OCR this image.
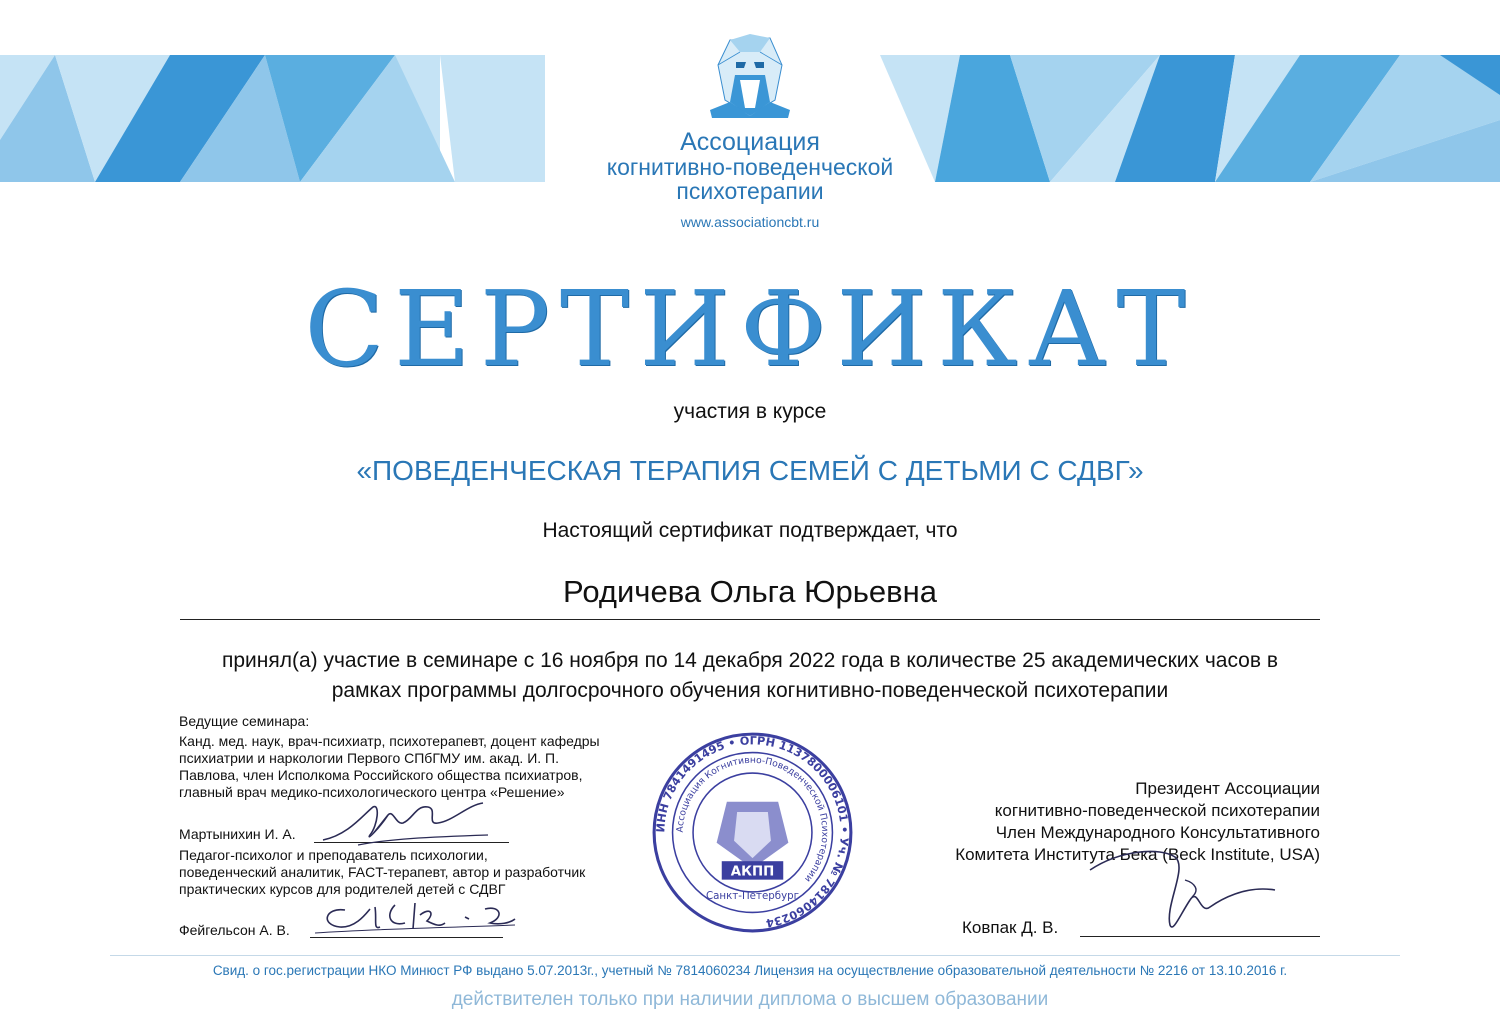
Ассоциация
когнитивно-поведенческой
психотерапии
www.associationcbt.ru
СЕРТИФИКАТ
участия в курсе
«ПОВЕДЕНЧЕСКАЯ ТЕРАПИЯ СЕМЕЙ С ДЕТЬМИ С СДВГ»
Настоящий сертификат подтверждает, что
Родичева Ольга Юрьевна
принял(а) участие в семинаре с 16 ноября по 14 декабря 2022 года в количестве 25 академических часов в
рамках программы долгосрочного обучения когнитивно-поведенческой психотерапии
Ведущие семинара:
Канд. мед. наук, врач-психиатр, психотерапевт, доцент кафедры
психиатрии и наркологии Первого СПбГМУ им. акад. И. П.
Павлова, член Исполкома Российского общества психиатров,
главный врач медико-психологического центра «Решение»
Мартынихин И. А.
Педагог-психолог и преподаватель психологии,
поведенческий аналитик, FACT-терапевт, автор и разработчик
практических курсов для родителей детей с СДВГ
Фейгельсон А. В.
ИНН 7841491495 • ОГРН 1137800006101 • Уч. № 7814060234
Ассоциация Когнитивно-Поведенческой Психотерапии
АКПП
Санкт-Петербург
Президент Ассоциации
когнитивно-поведенческой психотерапии
Член Международного Консультативного
Комитета Института Бека (Beck Institute, USA)
Ковпак Д. В.
Свид. о гос.регистрации НКО Минюст РФ выдано 5.07.2013г., учетный № 7814060234 Лицензия на осуществление образовательной деятельности № 2216 от 13.10.2016 г.
действителен только при наличии диплома о высшем образовании
